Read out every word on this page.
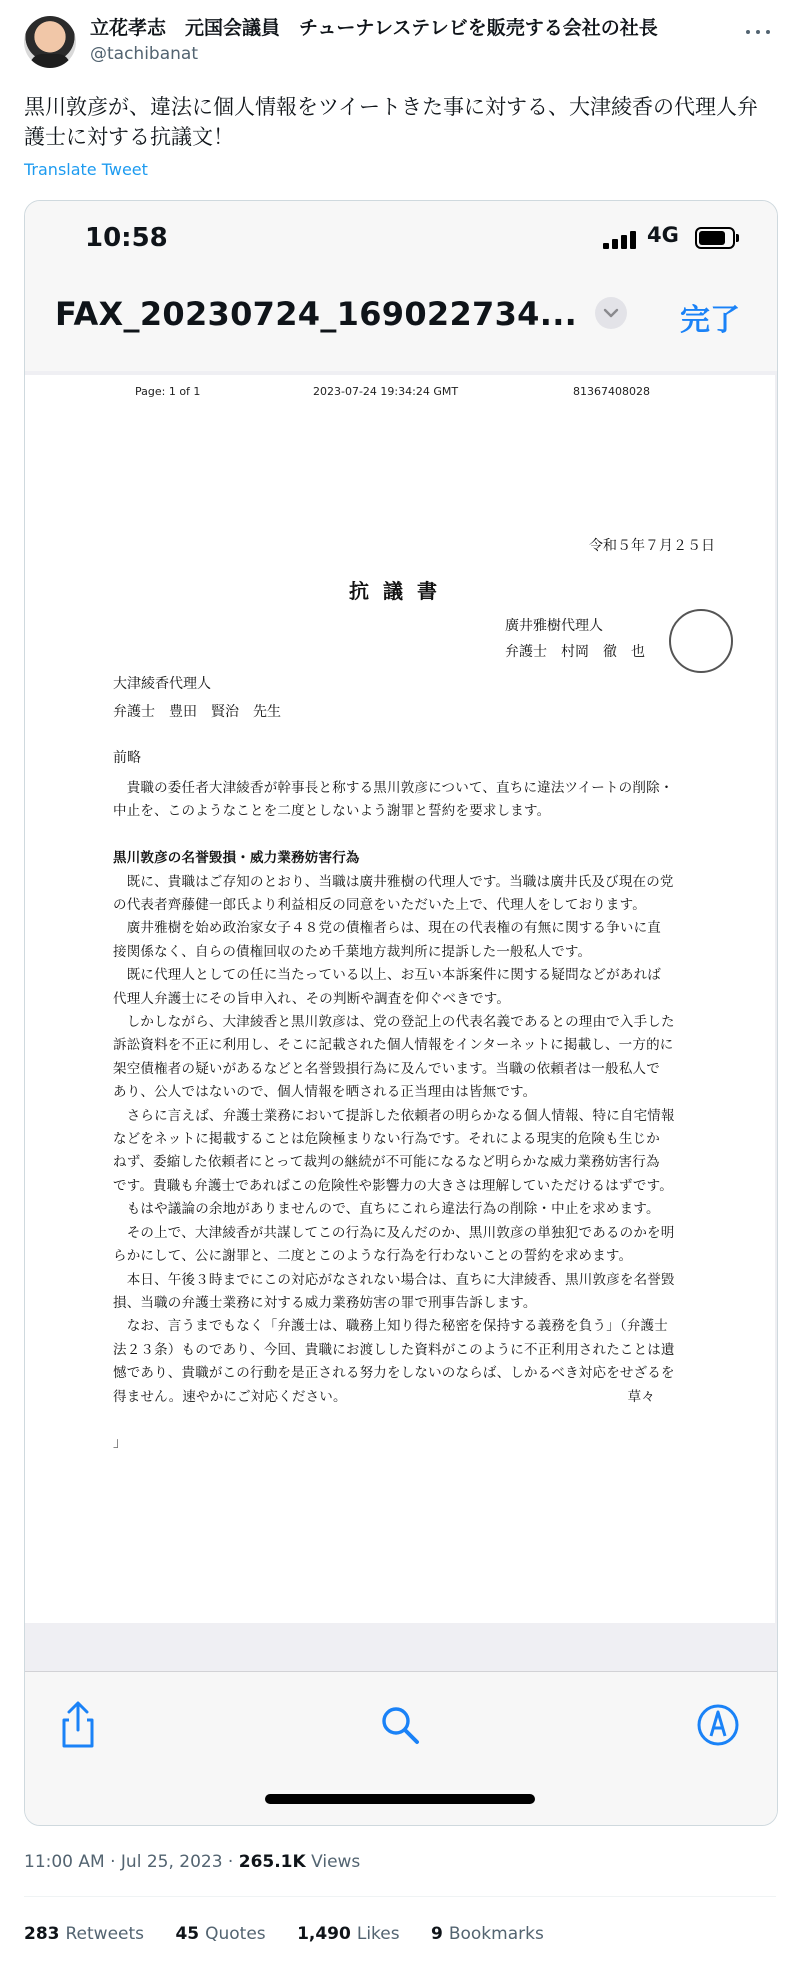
立花孝志　元国会議員　チューナレステレビを販売する会社の社長
@tachibanat
黒川敦彦が、違法に個人情報をツイートきた事に対する、大津綾香の代理人弁護士に対する抗議文！
Translate Tweet
10:58	4G
FAX_20230724_169022734...	完了
Page: 1 of 1	2023-07-24 19:34:24 GMT	81367408028
令和５年７月２５日
抗議書
廣井雅樹代理人
弁護士　村岡　徹　也
大津綾香代理人
弁護士　豊田　賢治　先生
前略
　貴職の委任者大津綾香が幹事長と称する黒川敦彦について、直ちに違法ツイートの削除・
中止を、このようなことを二度としないよう謝罪と誓約を要求します。
黒川敦彦の名誉毀損・威力業務妨害行為
　既に、貴職はご存知のとおり、当職は廣井雅樹の代理人です。当職は廣井氏及び現在の党
の代表者齊藤健一郎氏より利益相反の同意をいただいた上で、代理人をしております。
　廣井雅樹を始め政治家女子４８党の債権者らは、現在の代表権の有無に関する争いに直
接関係なく、自らの債権回収のため千葉地方裁判所に提訴した一般私人です。
　既に代理人としての任に当たっている以上、お互い本訴案件に関する疑問などがあれば
代理人弁護士にその旨申入れ、その判断や調査を仰ぐべきです。
　しかしながら、大津綾香と黒川敦彦は、党の登記上の代表名義であるとの理由で入手した
訴訟資料を不正に利用し、そこに記載された個人情報をインターネットに掲載し、一方的に
架空債権者の疑いがあるなどと名誉毀損行為に及んでいます。当職の依頼者は一般私人で
あり、公人ではないので、個人情報を晒される正当理由は皆無です。
　さらに言えば、弁護士業務において提訴した依頼者の明らかなる個人情報、特に自宅情報
などをネットに掲載することは危険極まりない行為です。それによる現実的危険も生じか
ねず、委縮した依頼者にとって裁判の継続が不可能になるなど明らかな威力業務妨害行為
です。貴職も弁護士であればこの危険性や影響力の大きさは理解していただけるはずです。
　もはや議論の余地がありませんので、直ちにこれら違法行為の削除・中止を求めます。
　その上で、大津綾香が共謀してこの行為に及んだのか、黒川敦彦の単独犯であるのかを明
らかにして、公に謝罪と、二度とこのような行為を行わないことの誓約を求めます。
　本日、午後３時までにこの対応がなされない場合は、直ちに大津綾香、黒川敦彦を名誉毀
損、当職の弁護士業務に対する威力業務妨害の罪で刑事告訴します。
　なお、言うまでもなく「弁護士は、職務上知り得た秘密を保持する義務を負う」（弁護士
法２３条）ものであり、今回、貴職にお渡しした資料がこのように不正利用されたことは遺
憾であり、貴職がこの行動を是正される努力をしないのならば、しかるべき対応をせざるを
得ません。速やかにご対応ください。　　　　　　　　　　　　　　　　　　　　　草々
」
11:00 AM · Jul 25, 2023 · 265.1K Views
283 Retweets 45 Quotes 1,490 Likes 9 Bookmarks
